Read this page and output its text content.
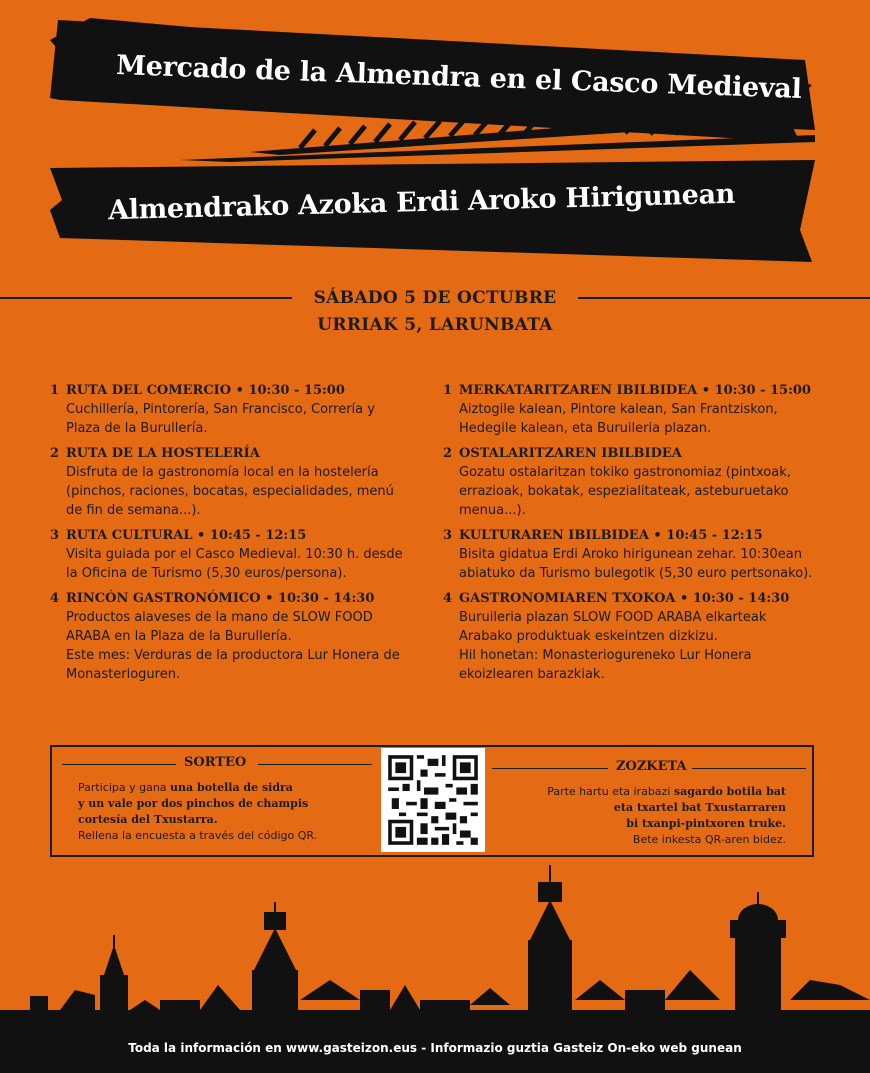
Mercado de la Almendra en el Casco Medieval
Almendrako Azoka Erdi Aroko Hirigunean
SÁBADO 5 DE OCTUBRE
URRIAK 5, LARUNBATA
1 RUTA DEL COMERCIO • 10:30 - 15:00
Cuchillería, Pintorería, San Francisco, Correría y
Plaza de la Burullería.
2 RUTA DE LA HOSTELERÍA
Disfruta de la gastronomía local en la hostelería
(pinchos, raciones, bocatas, especialidades, menú
de fin de semana...).
3 RUTA CULTURAL • 10:45 - 12:15
Visita guiada por el Casco Medieval. 10:30 h. desde
la Oficina de Turismo (5,30 euros/persona).
4 RINCÓN GASTRONÓMICO • 10:30 - 14:30
Productos alaveses de la mano de SLOW FOOD
ARABA en la Plaza de la Burullería.
Este mes: Verduras de la productora Lur Honera de
Monasterioguren.
1 MERKATARITZAREN IBILBIDEA • 10:30 - 15:00
Aiztogile kalean, Pintore kalean, San Frantziskon,
Hedegile kalean, eta Buruileria plazan.
2 OSTALARITZAREN IBILBIDEA
Gozatu ostalaritzan tokiko gastronomiaz (pintxoak,
errazioak, bokatak, espezialitateak, asteburuetako
menua...).
3 KULTURAREN IBILBIDEA • 10:45 - 12:15
Bisita gidatua Erdi Aroko hirigunean zehar. 10:30ean
abiatuko da Turismo bulegotik (5,30 euro pertsonako).
4 GASTRONOMIAREN TXOKOA • 10:30 - 14:30
Buruileria plazan SLOW FOOD ARABA elkarteak
Arabako produktuak eskeintzen dizkizu.
Hil honetan: Monasteriogureneko Lur Honera
ekoizlearen barazkiak.
SORTEO	ZOZKETA
Participa y gana una botella de sidra
y un vale por dos pinchos de champis
cortesía del Txustarra.
Rellena la encuesta a través del código QR.
Parte hartu eta irabazi sagardo botila bat
eta txartel bat Txustarraren
bi txanpi-pintxoren truke.
Bete inkesta QR-aren bidez.
Toda la información en www.gasteizon.eus - Informazio guztia Gasteiz On-eko web gunean
